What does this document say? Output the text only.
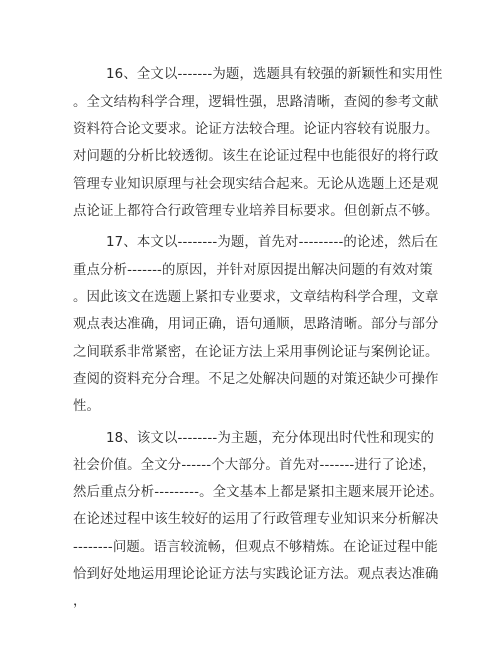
16、全文以-------为题，选题具有较强的新颖性和实用性
。全文结构科学合理，逻辑性强，思路清晰，查阅的参考文献
资料符合论文要求。论证方法较合理。论证内容较有说服力。
对问题的分析比较透彻。该生在论证过程中也能很好的将行政
管理专业知识原理与社会现实结合起来。无论从选题上还是观
点论证上都符合行政管理专业培养目标要求。但创新点不够。
17、本文以--------为题，首先对---------的论述，然后在
重点分析-------的原因，并针对原因提出解决问题的有效对策
。因此该文在选题上紧扣专业要求，文章结构科学合理，文章
观点表达准确，用词正确，语句通顺，思路清晰。部分与部分
之间联系非常紧密，在论证方法上采用事例论证与案例论证。
查阅的资料充分合理。不足之处解决问题的对策还缺少可操作
性。
18、该文以--------为主题，充分体现出时代性和现实的
社会价值。全文分------个大部分。首先对-------进行了论述，
然后重点分析---------。全文基本上都是紧扣主题来展开论述。
在论述过程中该生较好的运用了行政管理专业知识来分析解决
--------问题。语言较流畅，但观点不够精炼。在论证过程中能
恰到好处地运用理论论证方法与实践论证方法。观点表达准确
，
